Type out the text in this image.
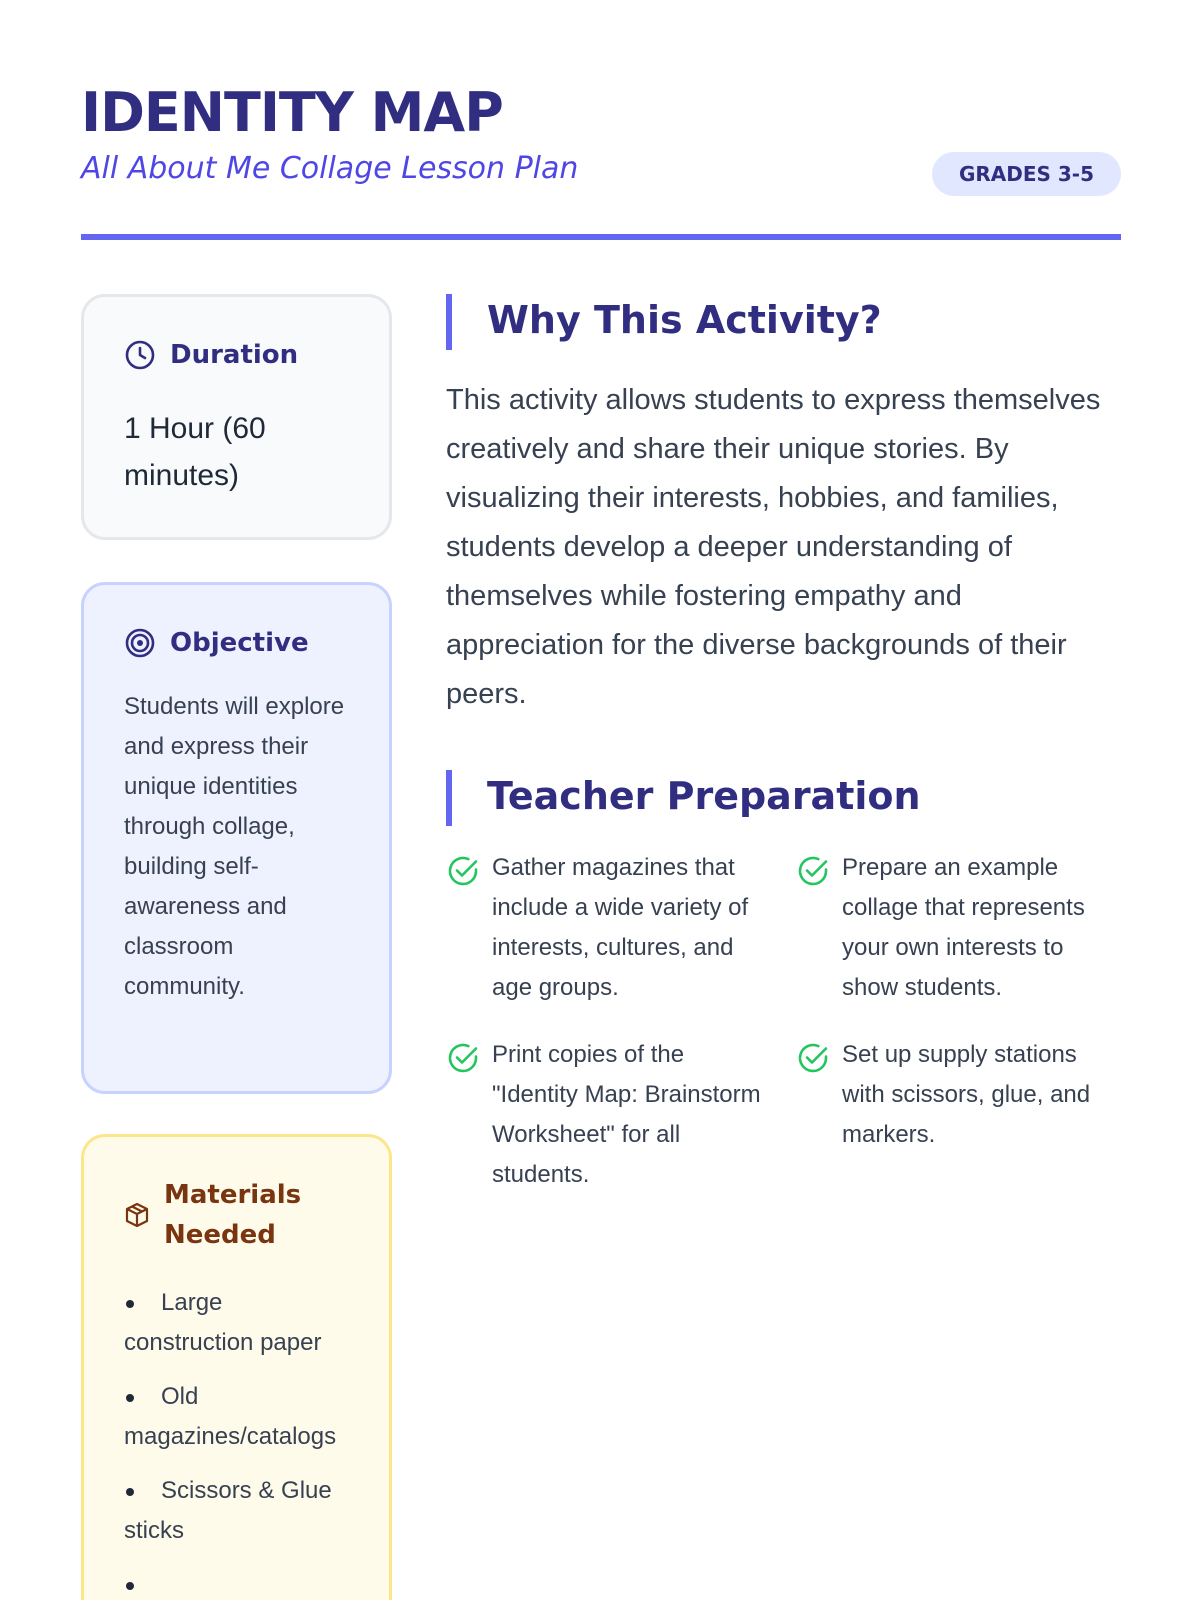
IDENTITY MAP

All About Me Collage Lesson Plan	GRADES 3-5
Duration
1 Hour (60 minutes)
Objective
Students will explore and express their unique identities through collage, building self-awareness and classroom community.
Materials Needed
Large construction paper
Old magazines/catalogs
Scissors & Glue sticks
Why This Activity?

This activity allows students to express themselves creatively and share their unique stories. By visualizing their interests, hobbies, and families, students develop a deeper understanding of themselves while fostering empathy and appreciation for the diverse backgrounds of their peers.

Teacher Preparation
Gather magazines that include a wide variety of interests, cultures, and age groups.
Prepare an example collage that represents your own interests to show students.
Print copies of the "Identity Map: Brainstorm Worksheet" for all students.
Set up supply stations with scissors, glue, and markers.
